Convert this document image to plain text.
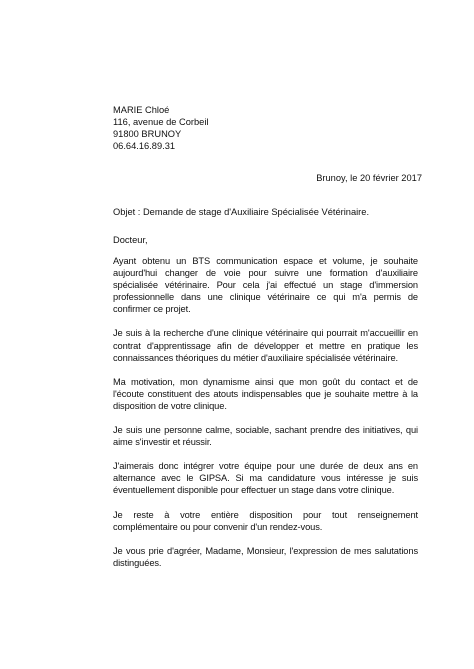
MARIE Chloé
116, avenue de Corbeil
91800 BRUNOY
06.64.16.89.31
Brunoy, le 20 février 2017
Objet : Demande de stage d'Auxiliaire Spécialisée Vétérinaire.
Docteur,

Ayant obtenu un BTS communication espace et volume, je souhaite aujourd'hui changer de voie pour suivre une formation d'auxiliaire spécialisée vétérinaire. Pour cela j'ai effectué un stage d'immersion professionnelle dans une clinique vétérinaire ce qui m'a permis de confirmer ce projet.

Je suis à la recherche d'une clinique vétérinaire qui pourrait m'accueillir en contrat d'apprentissage afin de développer et mettre en pratique les connaissances théoriques du métier d'auxiliaire spécialisée vétérinaire.

Ma motivation, mon dynamisme ainsi que mon goût du contact et de l'écoute constituent des atouts indispensables que je souhaite mettre à la disposition de votre clinique.

Je suis une personne calme, sociable, sachant prendre des initiatives, qui aime s'investir et réussir.

J'aimerais donc intégrer votre équipe pour une durée de deux ans en alternance avec le GIPSA. Si ma candidature vous intéresse je suis éventuellement disponible pour effectuer un stage dans votre clinique.

Je reste à votre entière disposition pour tout renseignement complémentaire ou pour convenir d'un rendez-vous.

Je vous prie d'agréer, Madame, Monsieur, l'expression de mes salutations distinguées.
